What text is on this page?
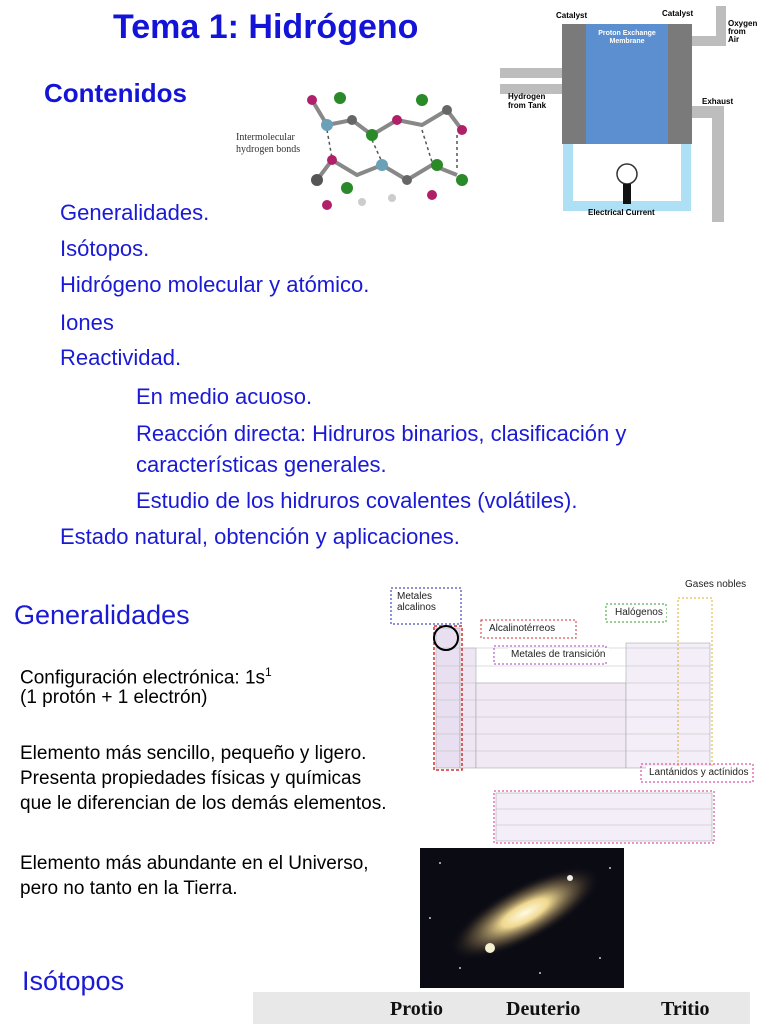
Tema 1: Hidrógeno
Contenidos
Intermolecular
hydrogen bonds
Catalyst	Catalyst
Oxygen
from
Air
Proton Exchange
Membrane
Hydrogen
from Tank	Exhaust
Electrical Current
Generalidades.
Isótopos.
Hidrógeno molecular y atómico.
Iones
Reactividad.
En medio acuoso.
Reacción directa: Hidruros binarios, clasificación y
características generales.
Estudio de los hidruros covalentes (volátiles).
Estado natural, obtención y aplicaciones.
Generalidades
Configuración electrónica: $1s^1$
(1 protón + 1 electrón)
Elemento más sencillo, pequeño y ligero.
Presenta propiedades físicas y químicas
que le diferencian de los demás elementos.
Elemento más abundante en el Universo,
pero no tanto en la Tierra.
Metales
alcalinos	Halógenos
Gases nobles
Alcalinotérreos
Metales de transición
Lantánidos y actínidos
Isótopos
Protio	Deuterio	Tritio
